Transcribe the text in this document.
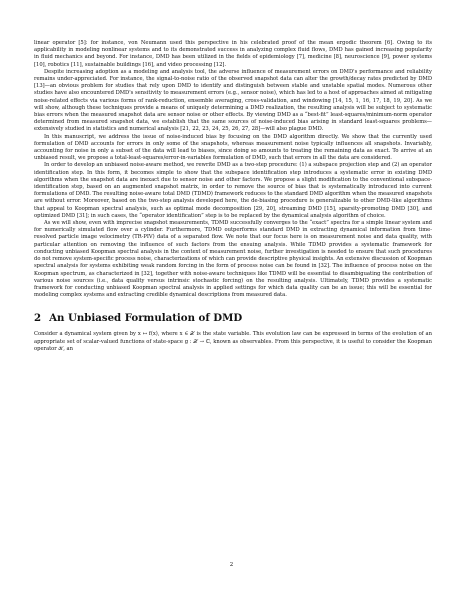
linear operator [5]: for instance, von Neumann used this perspective in his celebrated proof of the mean ergodic theorem [6]. Owing to its applicability in modeling nonlinear systems and to its demonstrated success in analyzing complex fluid flows, DMD has gained increasing popularity in fluid mechanics and beyond. For instance, DMD has been utilized in the fields of epidemiology [7], medicine [8], neuroscience [9], power systems [10], robotics [11], sustainable buildings [16], and video processing [12].

Despite increasing adoption as a modeling and analysis tool, the adverse influence of measurement errors on DMD's performance and reliability remains under-appreciated. For instance, the signal-to-noise ratio of the observed snapshot data can alter the growth/decay rates predicted by DMD [13]—an obvious problem for studies that rely upon DMD to identify and distinguish between stable and unstable spatial modes. Numerous other studies have also encountered DMD's sensitivity to measurement errors (e.g., sensor noise), which has led to a host of approaches aimed at mitigating noise-related effects via various forms of rank-reduction, ensemble averaging, cross-validation, and windowing [14, 15, 1, 16, 17, 18, 19, 20]. As we will show, although these techniques provide a means of uniquely determining a DMD realization, the resulting analysis will be subject to systematic bias errors when the measured snapshot data are sensor noise or other effects. By viewing DMD as a “best-fit” least-squares/minimum-norm operator determined from measured snapshot data, we establish that the same sources of noise-induced bias arising in standard least-squares problems—extensively studied in statistics and numerical analysis [21, 22, 23, 24, 25, 26, 27, 28]—will also plague DMD.

In this manuscript, we address the issue of noise-induced bias by focusing on the DMD algorithm directly. We show that the currently used formulation of DMD accounts for errors in only some of the snapshots, whereas measurement noise typically influences all snapshots. Invariably, accounting for noise in only a subset of the data will lead to biases, since doing so amounts to treating the remaining data as exact. To arrive at an unbiased result, we propose a total-least-squares/error-in-variables formulation of DMD, such that errors in all the data are considered.

In order to develop an unbiased noise-aware method, we rewrite DMD as a two-step procedure: (1) a subspace projection step and (2) an operator identification step. In this form, it becomes simple to show that the subspace identification step introduces a systematic error in existing DMD algorithms when the snapshot data are inexact due to sensor noise and other factors. We propose a slight modification to the conventional subspace-identification step, based on an augmented snapshot matrix, in order to remove the source of bias that is systematically introduced into current formulations of DMD. The resulting noise-aware total DMD (TDMD) framework reduces to the standard DMD algorithm when the measured snapshots are without error. Moreover, based on the two-step analysis developed here, the de-biasing procedure is generalizable to other DMD-like algorithms that appeal to Koopman spectral analysis, such as optimal mode decomposition [29, 20], streaming DMD [15], sparsity-promoting DMD [30], and optimized DMD [31]; in such cases, the “operator identification” step is to be replaced by the dynamical analysis algorithm of choice.

As we will show, even with imprecise snapshot measurements, TDMD successfully converges to the “exact” spectra for a simple linear system and for numerically simulated flow over a cylinder. Furthermore, TDMD outperforms standard DMD in extracting dynamical information from time-resolved particle image velocimetry (TR-PIV) data of a separated flow. We note that our focus here is on measurement noise and data quality, with particular attention on removing the influence of such factors from the ensuing analysis. While TDMD provides a systematic framework for conducting unbiased Koopman spectral analysis in the context of measurement noise, further investigation is needed to ensure that such procedures do not remove system-specific process noise, characterizations of which can provide descriptive physical insights. An extensive discussion of Koopman spectral analysis for systems exhibiting weak random forcing in the form of process noise can be found in [32]. The influence of process noise on the Koopman spectrum, as characterized in [32], together with noise-aware techniques like TDMD will be essential to disambiguating the contribution of various noise sources (i.e., data quality versus intrinsic stochastic forcing) on the resulting analysis. Ultimately, TDMD provides a systematic framework for conducting unbiased Koopman spectral analysis in applied settings for which data quality can be an issue; this will be essential for modeling complex systems and extracting credible dynamical descriptions from measured data.

2 An Unbiased Formulation of DMD

Consider a dynamical system given by x ↦ f(x), where x ∈ 𝒳 is the state variable. This evolution law can be expressed in terms of the evolution of an appropriate set of scalar-valued functions of state-space g : 𝒳 → ℂ, known as observables. From this perspective, it is useful to consider the Koopman operator 𝒦, an

2
